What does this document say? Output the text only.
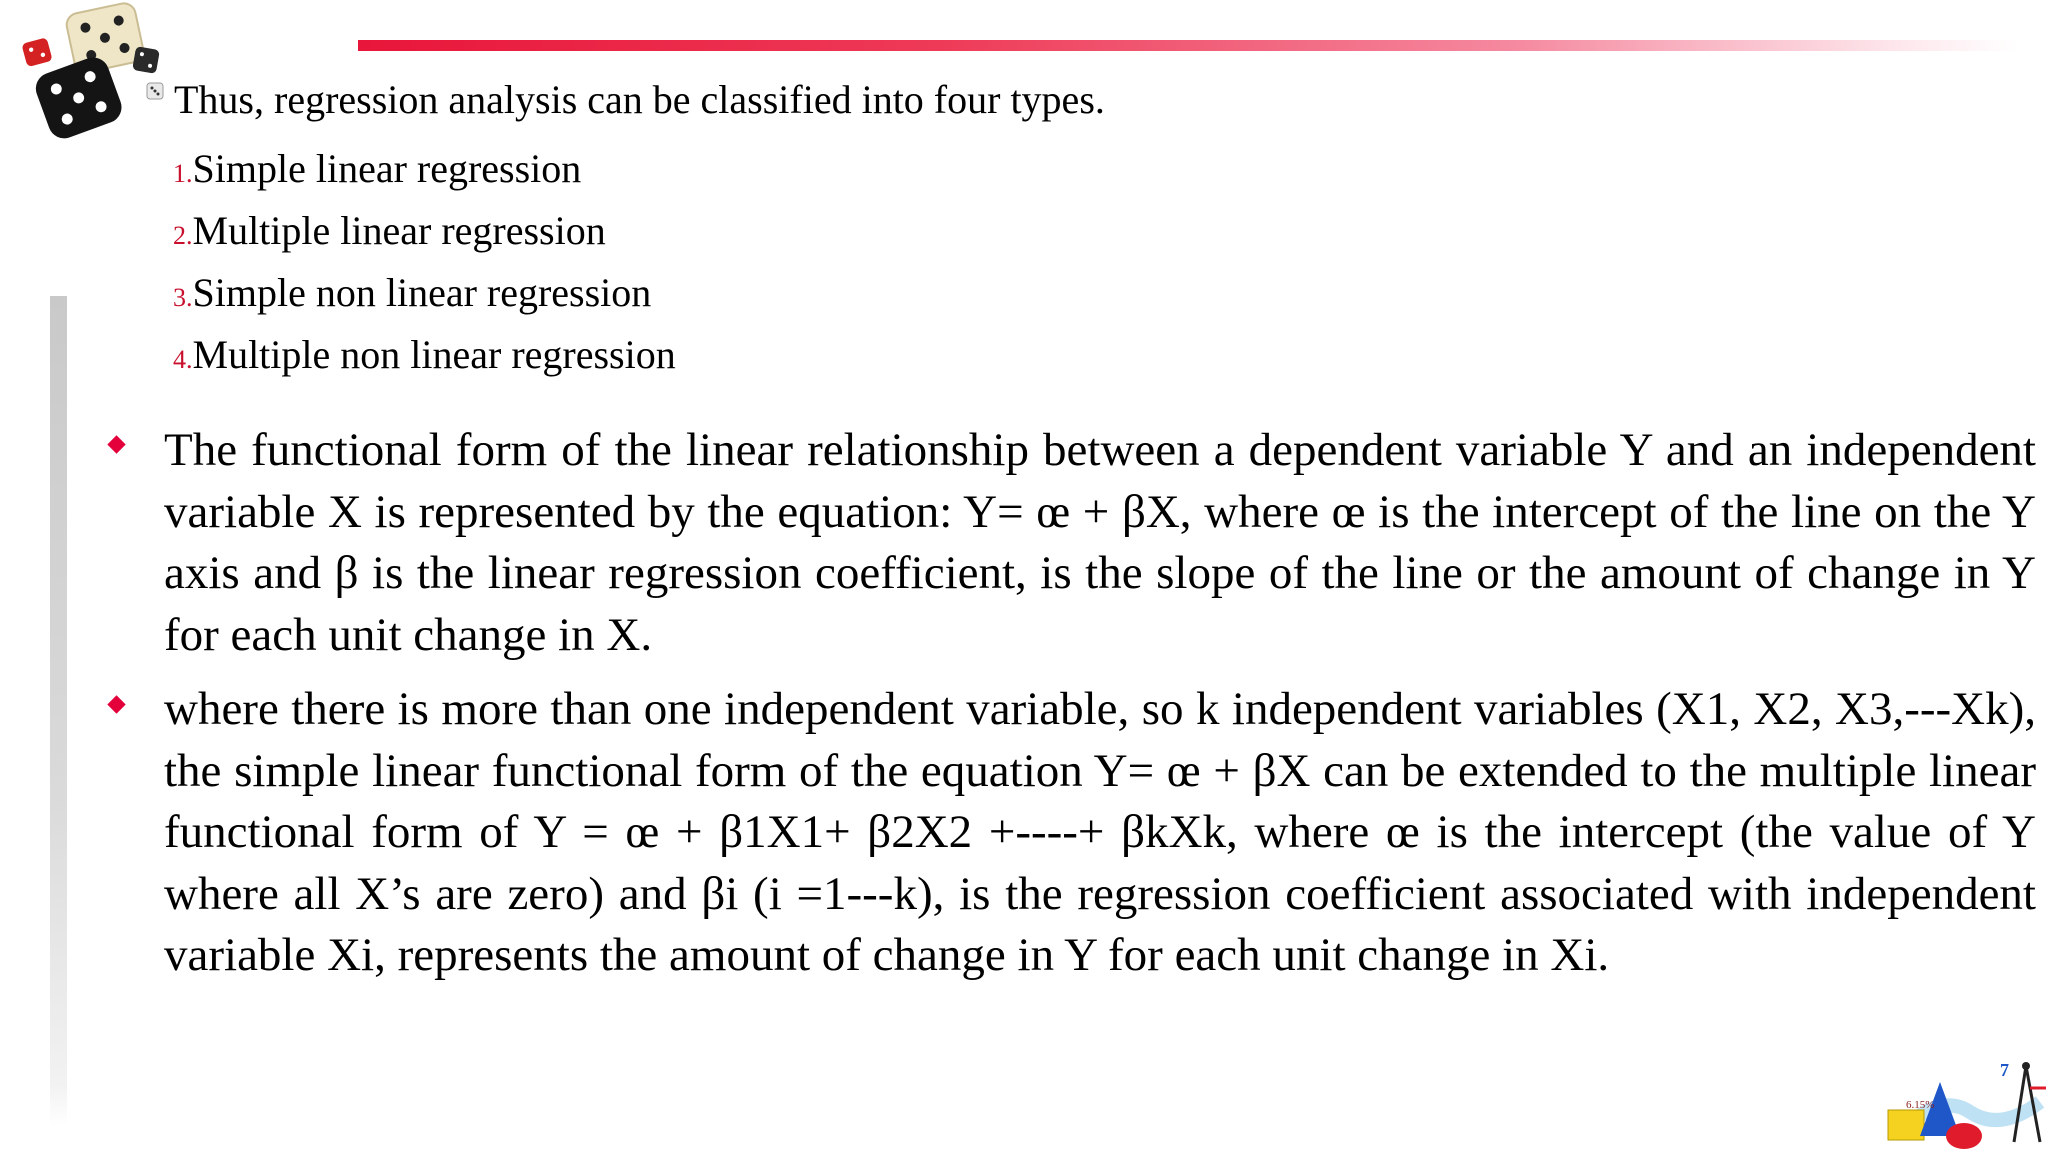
Thus, regression analysis can be classified into four types.
1.Simple linear regression
2.Multiple linear regression
3.Simple non linear regression
4.Multiple non linear regression

The functional form of the linear relationship between a dependent variable Y and an independent variable X is represented by the equation: Y= œ + βX, where œ is the intercept of the line on the Y axis and β is the linear regression coefficient, is the slope of the line or the amount of change in Y for each unit change in X.

where there is more than one independent variable, so k independent variables (X1, X2, X3,---Xk), the simple linear functional form of the equation Y= œ + βX can be extended to the multiple linear functional form of Y = œ + β1X1+ β2X2 +----+ βkXk, where œ is the intercept (the value of Y where all X’s are zero) and βi (i =1---k), is the regression coefficient associated with independent variable Xi, represents the amount of change in Y for each unit change in Xi.

6.15%
7
